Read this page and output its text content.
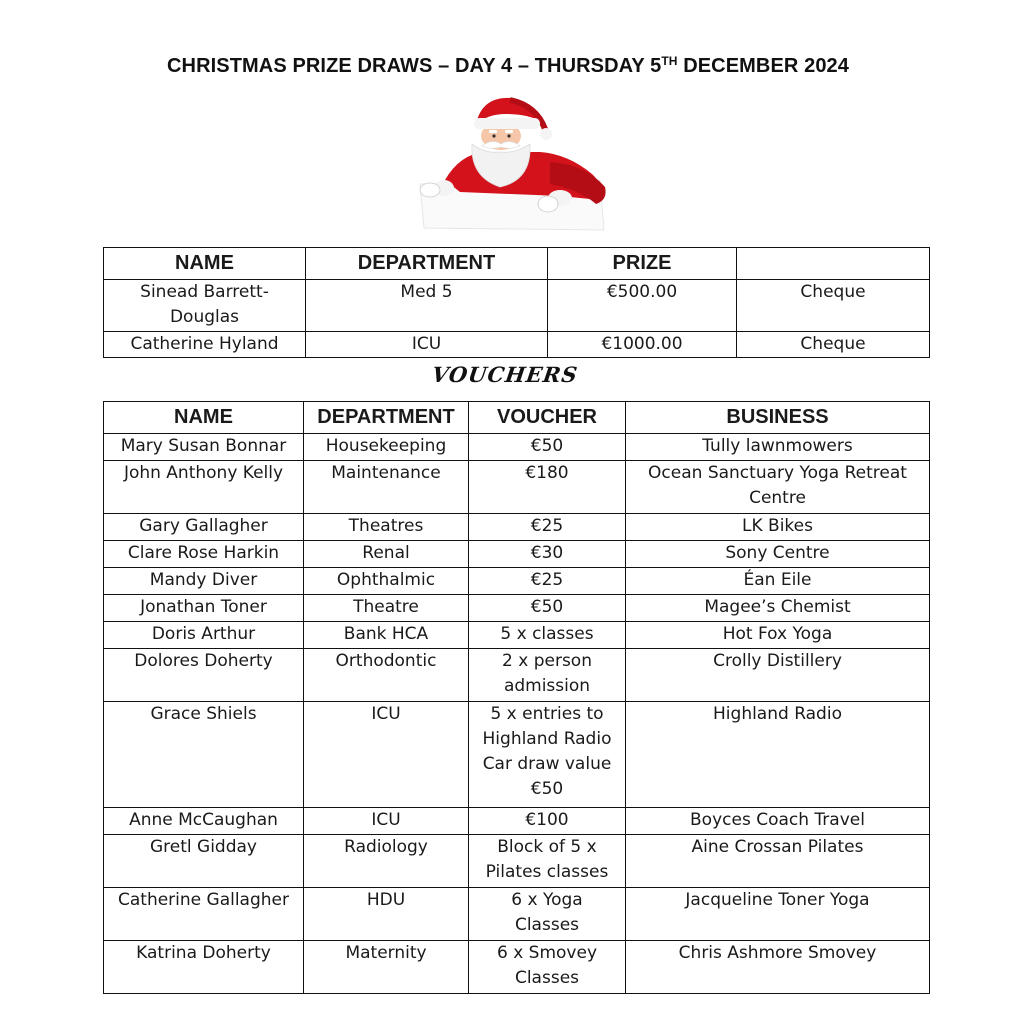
CHRISTMAS PRIZE DRAWS – DAY 4 – THURSDAY 5TH DECEMBER 2024
NAME	DEPARTMENT	PRIZE	
Sinead Barrett-Douglas	Med 5	€500.00	Cheque
Catherine Hyland	ICU	€1000.00	Cheque
VOUCHERS
NAME	DEPARTMENT	VOUCHER	BUSINESS
Mary Susan Bonnar	Housekeeping	€50	Tully lawnmowers
John Anthony Kelly	Maintenance	€180	Ocean Sanctuary Yoga Retreat Centre
Gary Gallagher	Theatres	€25	LK Bikes
Clare Rose Harkin	Renal	€30	Sony Centre
Mandy Diver	Ophthalmic	€25	Éan Eile
Jonathan Toner	Theatre	€50	Magee’s Chemist
Doris Arthur	Bank HCA	5 x classes	Hot Fox Yoga
Dolores Doherty	Orthodontic	2 x person admission	Crolly Distillery
Grace Shiels	ICU	5 x entries to Highland Radio Car draw value €50	Highland Radio
Anne McCaughan	ICU	€100	Boyces Coach Travel
Gretl Gidday	Radiology	Block of 5 x Pilates classes	Aine Crossan Pilates
Catherine Gallagher	HDU	6 x Yoga Classes	Jacqueline Toner Yoga
Katrina Doherty	Maternity	6 x Smovey Classes	Chris Ashmore Smovey
